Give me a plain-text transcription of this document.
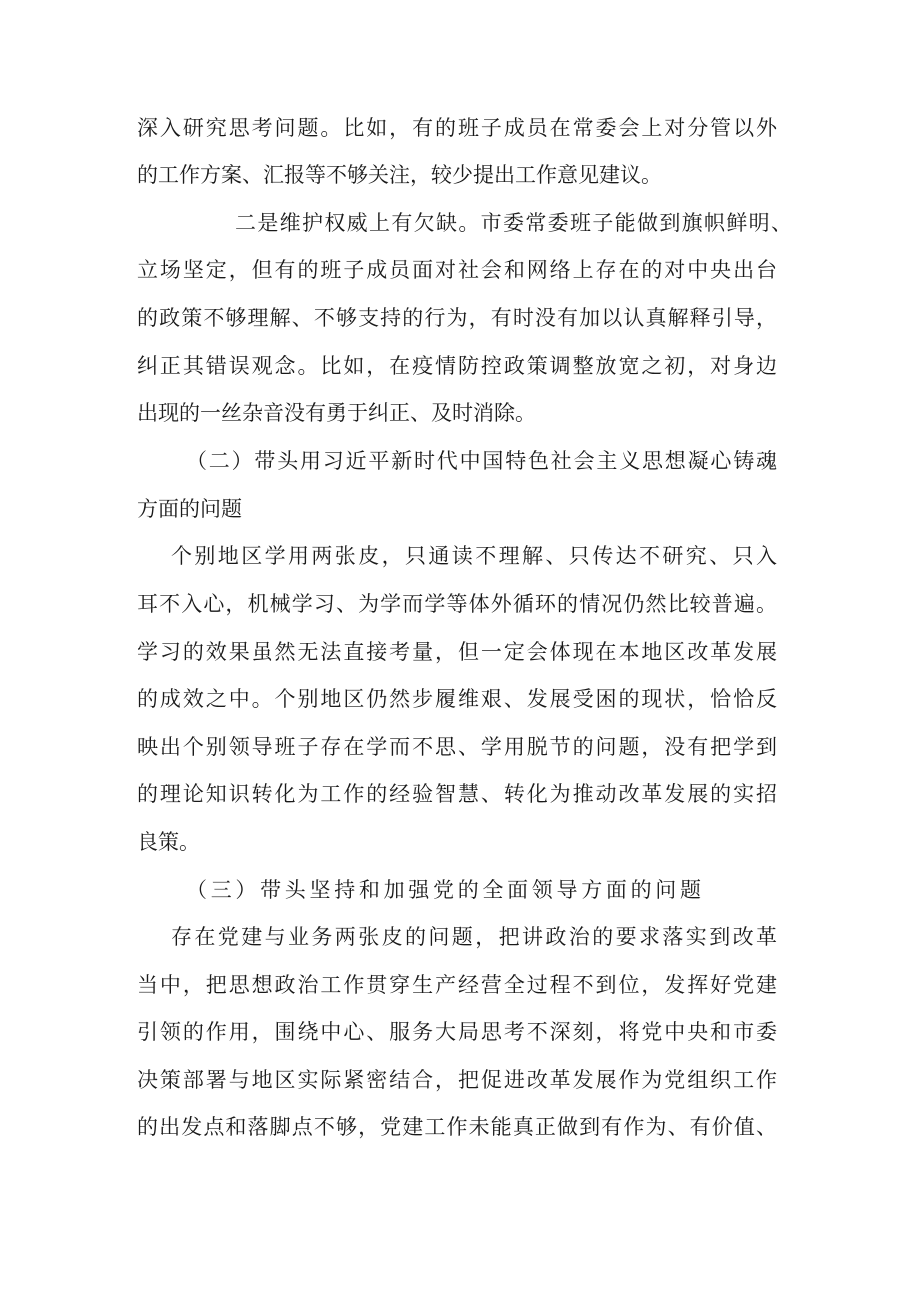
深入研究思考问题。比如，有的班子成员在常委会上对分管以外
的工作方案、汇报等不够关注，较少提出工作意见建议。
二是维护权威上有欠缺。市委常委班子能做到旗帜鲜明、
立场坚定，但有的班子成员面对社会和网络上存在的对中央出台
的政策不够理解、不够支持的行为，有时没有加以认真解释引导，
纠正其错误观念。比如，在疫情防控政策调整放宽之初，对身边
出现的一丝杂音没有勇于纠正、及时消除。
（二）带头用习近平新时代中国特色社会主义思想凝心铸魂
方面的问题
个别地区学用两张皮，只通读不理解、只传达不研究、只入
耳不入心，机械学习、为学而学等体外循环的情况仍然比较普遍。
学习的效果虽然无法直接考量，但一定会体现在本地区改革发展
的成效之中。个别地区仍然步履维艰、发展受困的现状，恰恰反
映出个别领导班子存在学而不思、学用脱节的问题，没有把学到
的理论知识转化为工作的经验智慧、转化为推动改革发展的实招
良策。
（三）带头坚持和加强党的全面领导方面的问题
存在党建与业务两张皮的问题，把讲政治的要求落实到改革
当中，把思想政治工作贯穿生产经营全过程不到位，发挥好党建
引领的作用，围绕中心、服务大局思考不深刻，将党中央和市委
决策部署与地区实际紧密结合，把促进改革发展作为党组织工作
的出发点和落脚点不够，党建工作未能真正做到有作为、有价值、
